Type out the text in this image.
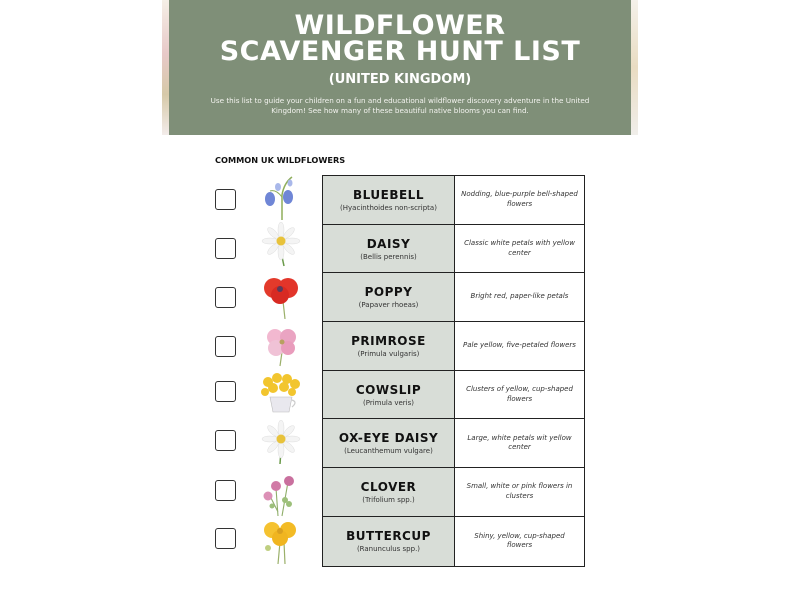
WILDFLOWER
SCAVENGER HUNT LIST
(UNITED KINGDOM)
Use this list to guide your children on a fun and educational wildflower discovery adventure in the United Kingdom! See how many of these beautiful native blooms you can find.
COMMON UK WILDFLOWERS
BLUEBELL
(Hyacinthoides non-scripta)
Nodding, blue-purple bell-shaped flowers
DAISY
(Bellis perennis)
Classic white petals with yellow center
POPPY
(Papaver rhoeas)
Bright red, paper-like petals
PRIMROSE
(Primula vulgaris)
Pale yellow, five-petaled flowers
COWSLIP
(Primula veris)
Clusters of yellow, cup-shaped flowers
OX-EYE DAISY
(Leucanthemum vulgare)
Large, white petals wit yellow center
CLOVER
(Trifolium spp.)
Small, white or pink flowers in clusters
BUTTERCUP
(Ranunculus spp.)
Shiny, yellow, cup-shaped flowers
